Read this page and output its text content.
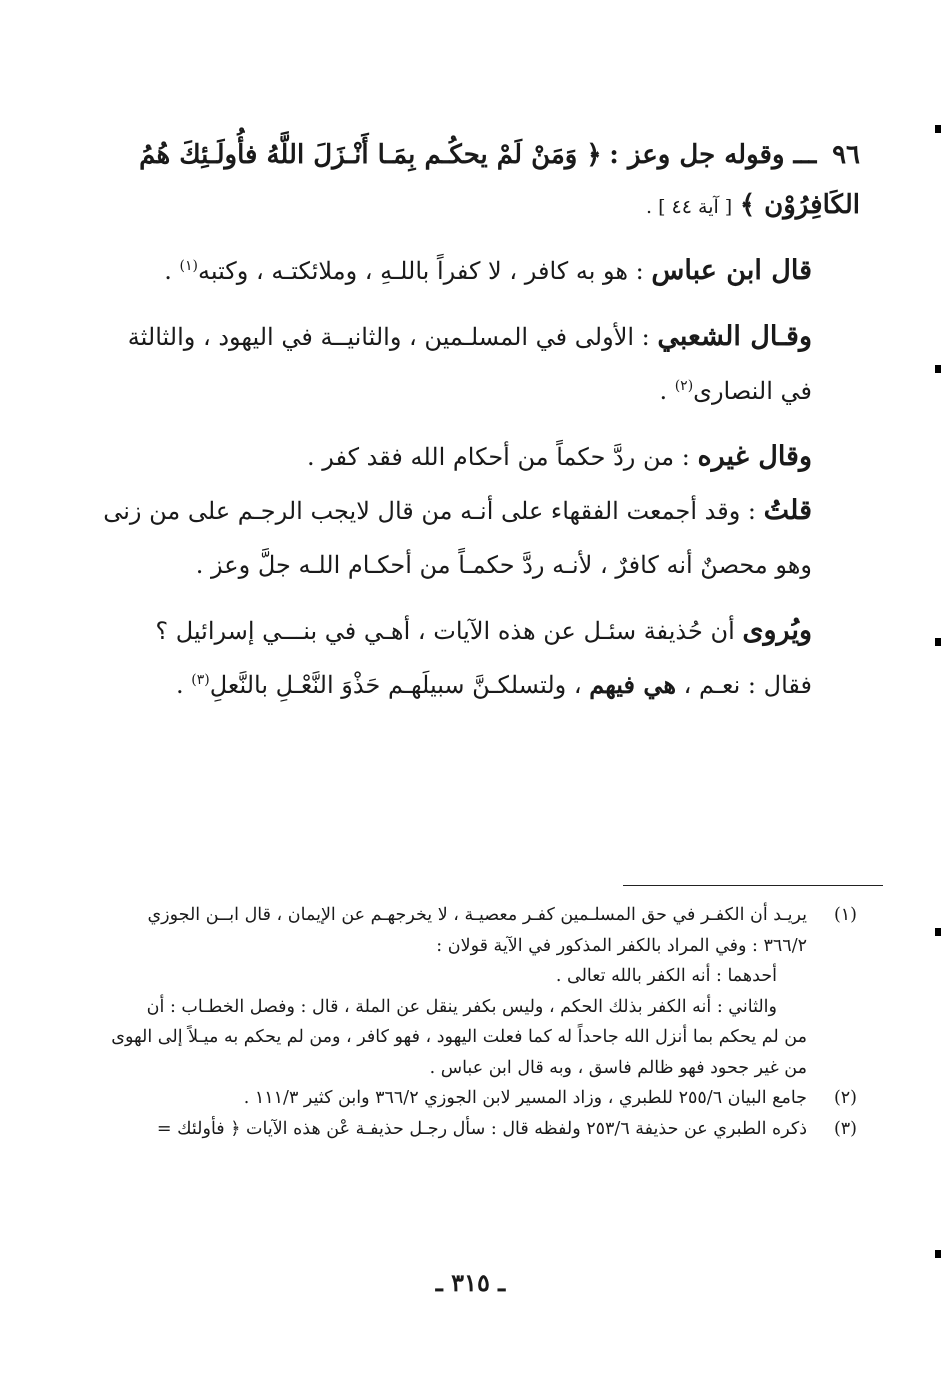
٩٦ ـــ وقوله جل وعز : ﴿ وَمَنْ لَمْ يحكُـم بِمَـا أَنْـزَلَ اللَّهُ فأُولَـئِكَ هُمُ الكَافِرُوْن ﴾ [ آية ٤٤ ] .

قال ابن عباس : هو به كافر ، لا كفراً باللـهِ ، وملائكتـه ، وكتبه$^{(١)}$ .

وقـال الشعبي : الأولى في المسلـمين ، والثانيــة في اليهود ، والثالثة في النصارى$^{(٢)}$ .

وقال غيره : من ردَّ حكماً من أحكام الله فقد كفر .

قلتُ : وقد أجمعت الفقهاء على أنـه من قال لايجب الرجـم على من زنى وهو محصنٌ أنه كافرٌ ، لأنـه ردَّ حكمـاً من أحكـام اللـه جلَّ وعز .

ويُروى أن حُذيفة سئـل عن هذه الآيات ، أهـي في بنـــي إسرائيل ؟ فقال : نعـم ، هي فيهم ، ولتسلكـنَّ سبيلَهـم حَذْوَ النَّعْـلِ بالنَّعلِ$^{(٣)}$ .

(١)
يريـد أن الكفـر في حق المسلـمين كفـر معصيـة ، لا يخرجهـم عن الإيمان ، قال ابــن الجوزي
٣٦٦/٢ : وفي المراد بالكفر المذكور في الآية قولان :
أحدهما : أنه الكفر بالله تعالى .
والثاني : أنه الكفر بذلك الحكم ، وليس بكفر ينقل عن الملة ، قال : وفصل الخطـاب : أن
من لم يحكم بما أنزل الله جاحداً له كما فعلت اليهود ، فهو كافر ، ومن لم يحكم به ميـلاً إلى الهوى
من غير جحود فهو ظالم فاسق ، وبه قال ابن عباس .
(٢)
جامع البيان ٢٥٥/٦ للطبري ، وزاد المسير لابن الجوزي ٣٦٦/٢ وابن كثير ١١١/٣ .
(٣)
ذكره الطبري عن حذيفة ٢٥٣/٦ ولفظه قال : سأل رجـل حذيفـة عْن هذه الآيات ﴿ فأولئك =
ـ ٣١٥ ـ
